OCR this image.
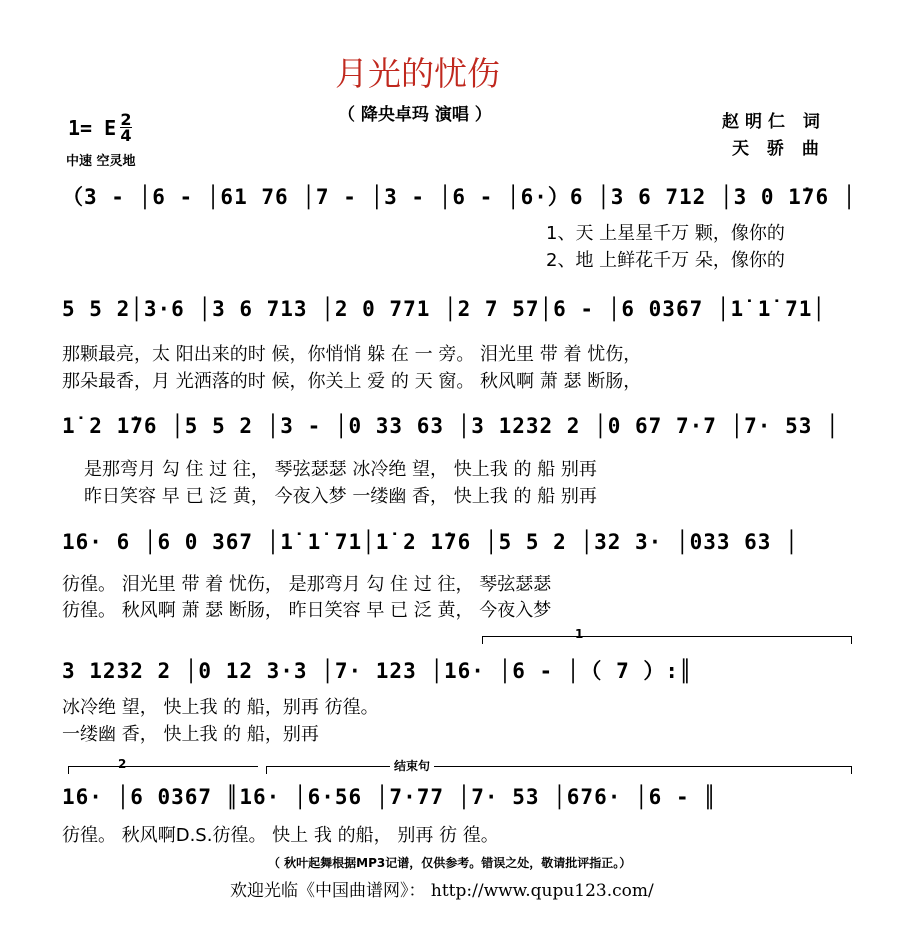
月光的忧伤
（ 降央卓玛 演唱 ）	赵明仁 词
天 骄 曲
1= E 2
4
中速 空灵地
（3 - │6 - │61 76 │7 - │3 - │6 - │6·）6 │3 6 712 │3 0 1̇76 │
1、天 上星星千万 颗，像你的
2、地 上鲜花千万 朵，像你的
5 5 2│3·6 │3 6 713 │2 0 771 │2 7 57│6 - │6 0367 │1̇ 1̇ 71│
那颗最亮，太 阳出来的时 候，你悄悄 躲 在 一 旁。 泪光里 带 着 忧伤，
那朵最香，月 光洒落的时 候，你关上 爱 的 天 窗。 秋风啊 萧 瑟 断肠，
1̇ 2 1̇76 │5 5 2 │3 - │0 33 63 │3 1232 2 │0 67 7·7 │7· 53 │
是那弯月 勾 住 过 往， 琴弦瑟瑟 冰冷绝 望， 快上我 的 船 别再
昨日笑容 早 已 泛 黄， 今夜入梦 一缕幽 香， 快上我 的 船 别再
16· 6 │6 0 367 │1̇ 1̇ 71│1̇ 2 1̇76 │5 5 2 │32 3· │033 63 │
彷徨。 泪光里 带 着 忧伤， 是那弯月 勾 住 过 往， 琴弦瑟瑟
彷徨。 秋风啊 萧 瑟 断肠， 昨日笑容 早 已 泛 黄， 今夜入梦
1
3 1232 2 │0 12 3·3 │7· 123 │16· │6 - │（ 7 ）:║
冰冷绝 望， 快上我 的 船，别再 彷徨。
一缕幽 香， 快上我 的 船，别再
2	结束句
16· │6 0367 ║16· │6·56 │7·77 │7· 53 │676· │6 - ║
彷徨。 秋风啊D.S.彷徨。 快上 我 的船， 别再 彷 徨。
（ 秋叶起舞根据MP3记谱，仅供参考。错误之处，敬请批评指正。）
欢迎光临《中国曲谱网》： http://www.qupu123.com/
